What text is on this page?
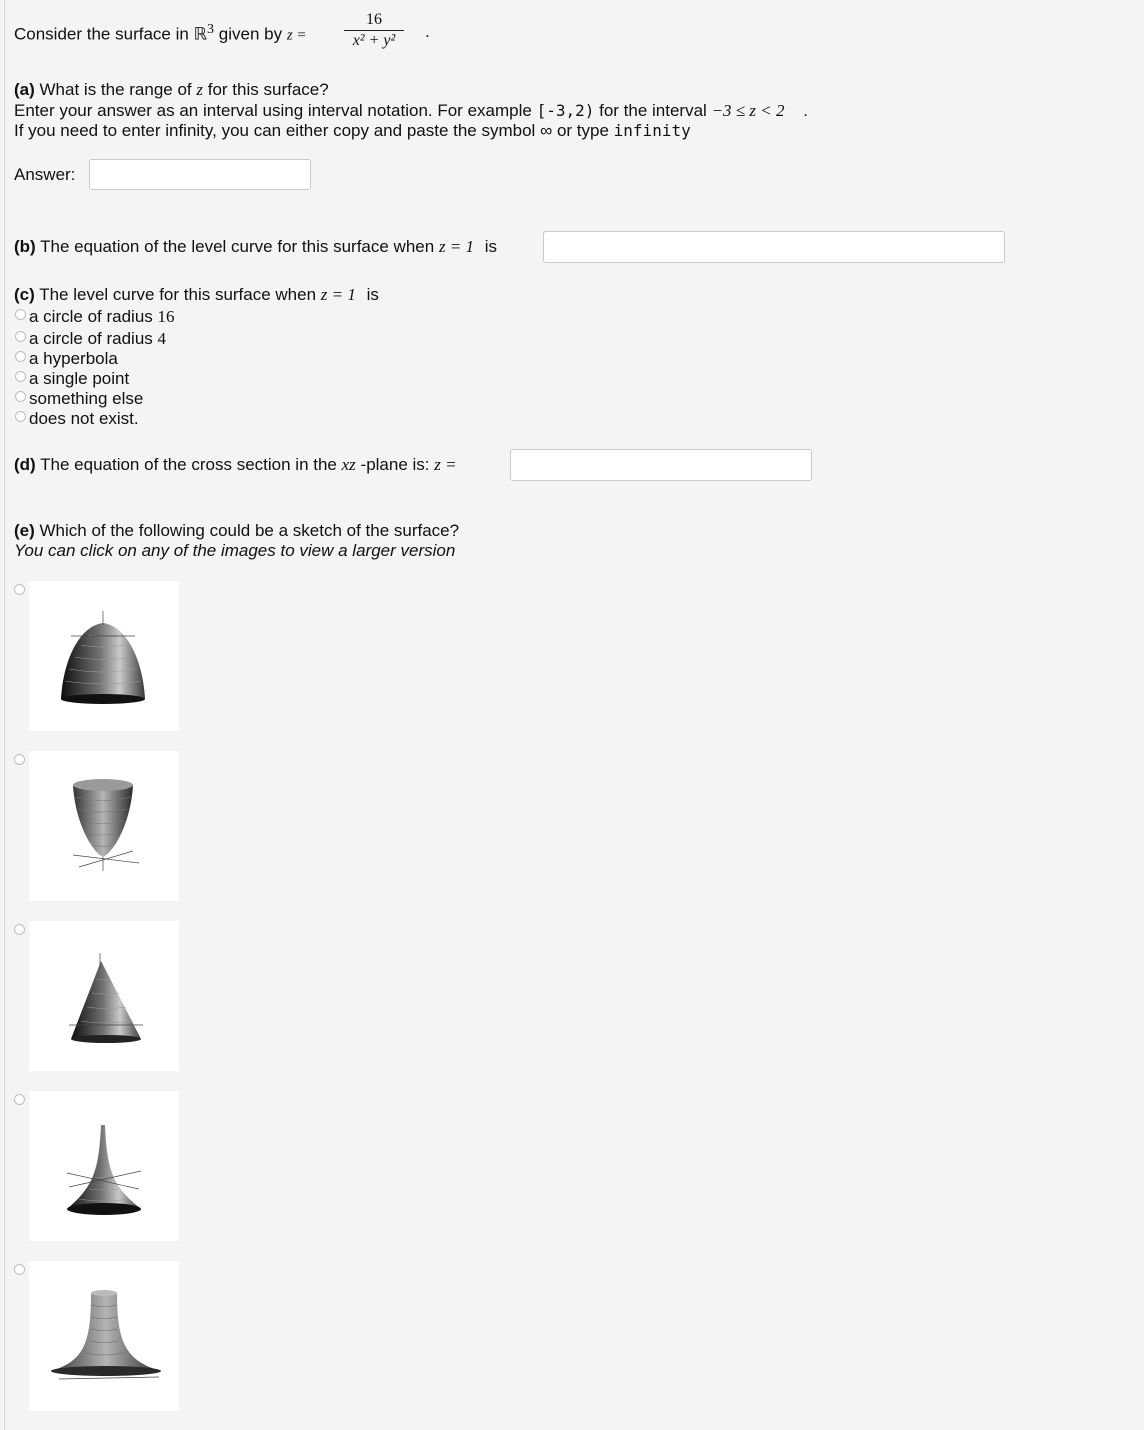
Consider the surface in ℝ$^3$ given by z =
16
x² + y²	.
(a) What is the range of z for this surface?
Enter your answer as an interval using interval notation. For example [-3,2) for the interval −3 ≤ z < 2 .
If you need to enter infinity, you can either copy and paste the symbol ∞ or type infinity
Answer:
(b) The equation of the level curve for this surface when z = 1 is
(c) The level curve for this surface when z = 1 is
a circle of radius 16
a circle of radius 4
a hyperbola
a single point
something else
does not exist.
(d) The equation of the cross section in the xz -plane is: z =
(e) Which of the following could be a sketch of the surface?
You can click on any of the images to view a larger version
